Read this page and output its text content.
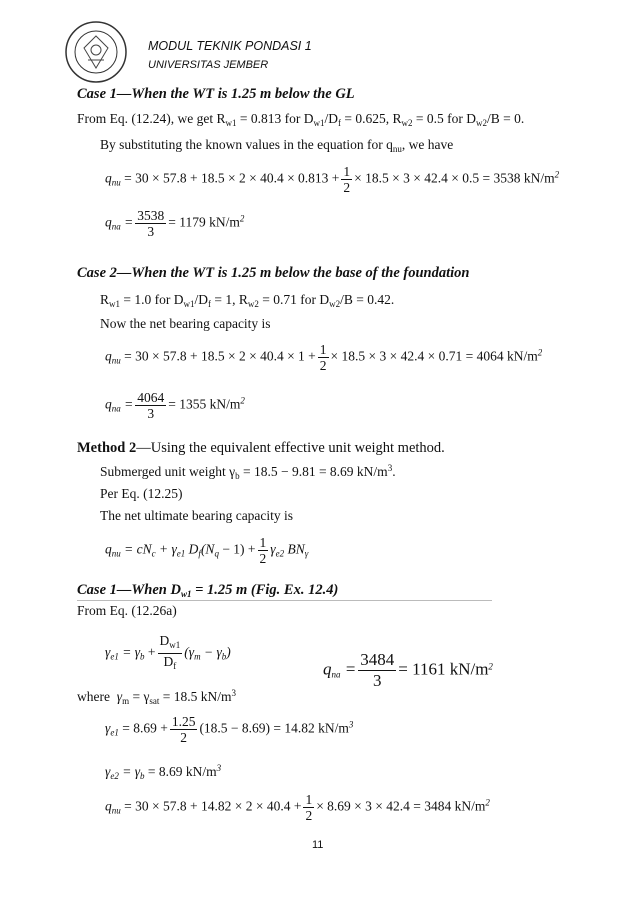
MODUL TEKNIK PONDASI 1
UNIVERSITAS JEMBER
Case 1—When the WT is 1.25 m below the GL
From Eq. (12.24), we get $R_{w1} = 0.813$ for $D_{w1}/D_f = 0.625$, $R_{w2} = 0.5$ for $D_{w2}/B = 0$.
By substituting the known values in the equation for $q_{nu}$, we have
$q_{nu} = 30 \times 57.8 + 18.5 \times 2 \times 40.4 \times 0.813 + \frac{1}{2} \times 18.5 \times 3 \times 42.4 \times 0.5 = 3538$ $kN/m^2$
$q_{na} = \frac{3538}{3} = 1179$ $kN/m^2$
Case 2—When the WT is 1.25 m below the base of the foundation
$R_{w1} = 1.0$ for $D_{w1}/D_f = 1$, $R_{w2} = 0.71$ for $D_{w2}/B = 0.42$.
Now the net bearing capacity is
$q_{nu} = 30 \times 57.8 + 18.5 \times 2 \times 40.4 \times 1 + \frac{1}{2} \times 18.5 \times 3 \times 42.4 \times 0.71 = 4064$ $kN/m^2$
$q_{na} = \frac{4064}{3} = 1355$ $kN/m^2$
Method 2—Using the equivalent effective unit weight method.
Submerged unit weight $\gamma_b = 18.5 - 9.81 = 8.69$ $kN/m^3$.
Per Eq. (12.25)
The net ultimate bearing capacity is
$q_{nu} = cN_c + \gamma_{e1}$ $D_f(N_q - 1) + \frac{1}{2} \gamma_{e2}$ $BN_\gamma$
Case 1—When $D_{w1} = 1.25$ m (Fig. Ex. 12.4)
From Eq. (12.26a)
$\gamma_{e1} = \gamma_b + \frac{D_{w1}}{D_f} (\gamma_m - \gamma_b)$
$q_{na} = \frac{3484}{3} = 1161$ $kN/m^2$
where $\gamma_m = \gamma_{sat} = 18.5$ $kN/m^3$
$\gamma_{e1} = 8.69 + \frac{1.25}{2} (18.5 - 8.69) = 14.82$ $kN/m^3$
$\gamma_{e2} = \gamma_b = 8.69$ $kN/m^3$
$q_{nu} = 30 \times 57.8 + 14.82 \times 2 \times 40.4 + \frac{1}{2} \times 8.69 \times 3 \times 42.4 = 3484$ $kN/m^2$
11
